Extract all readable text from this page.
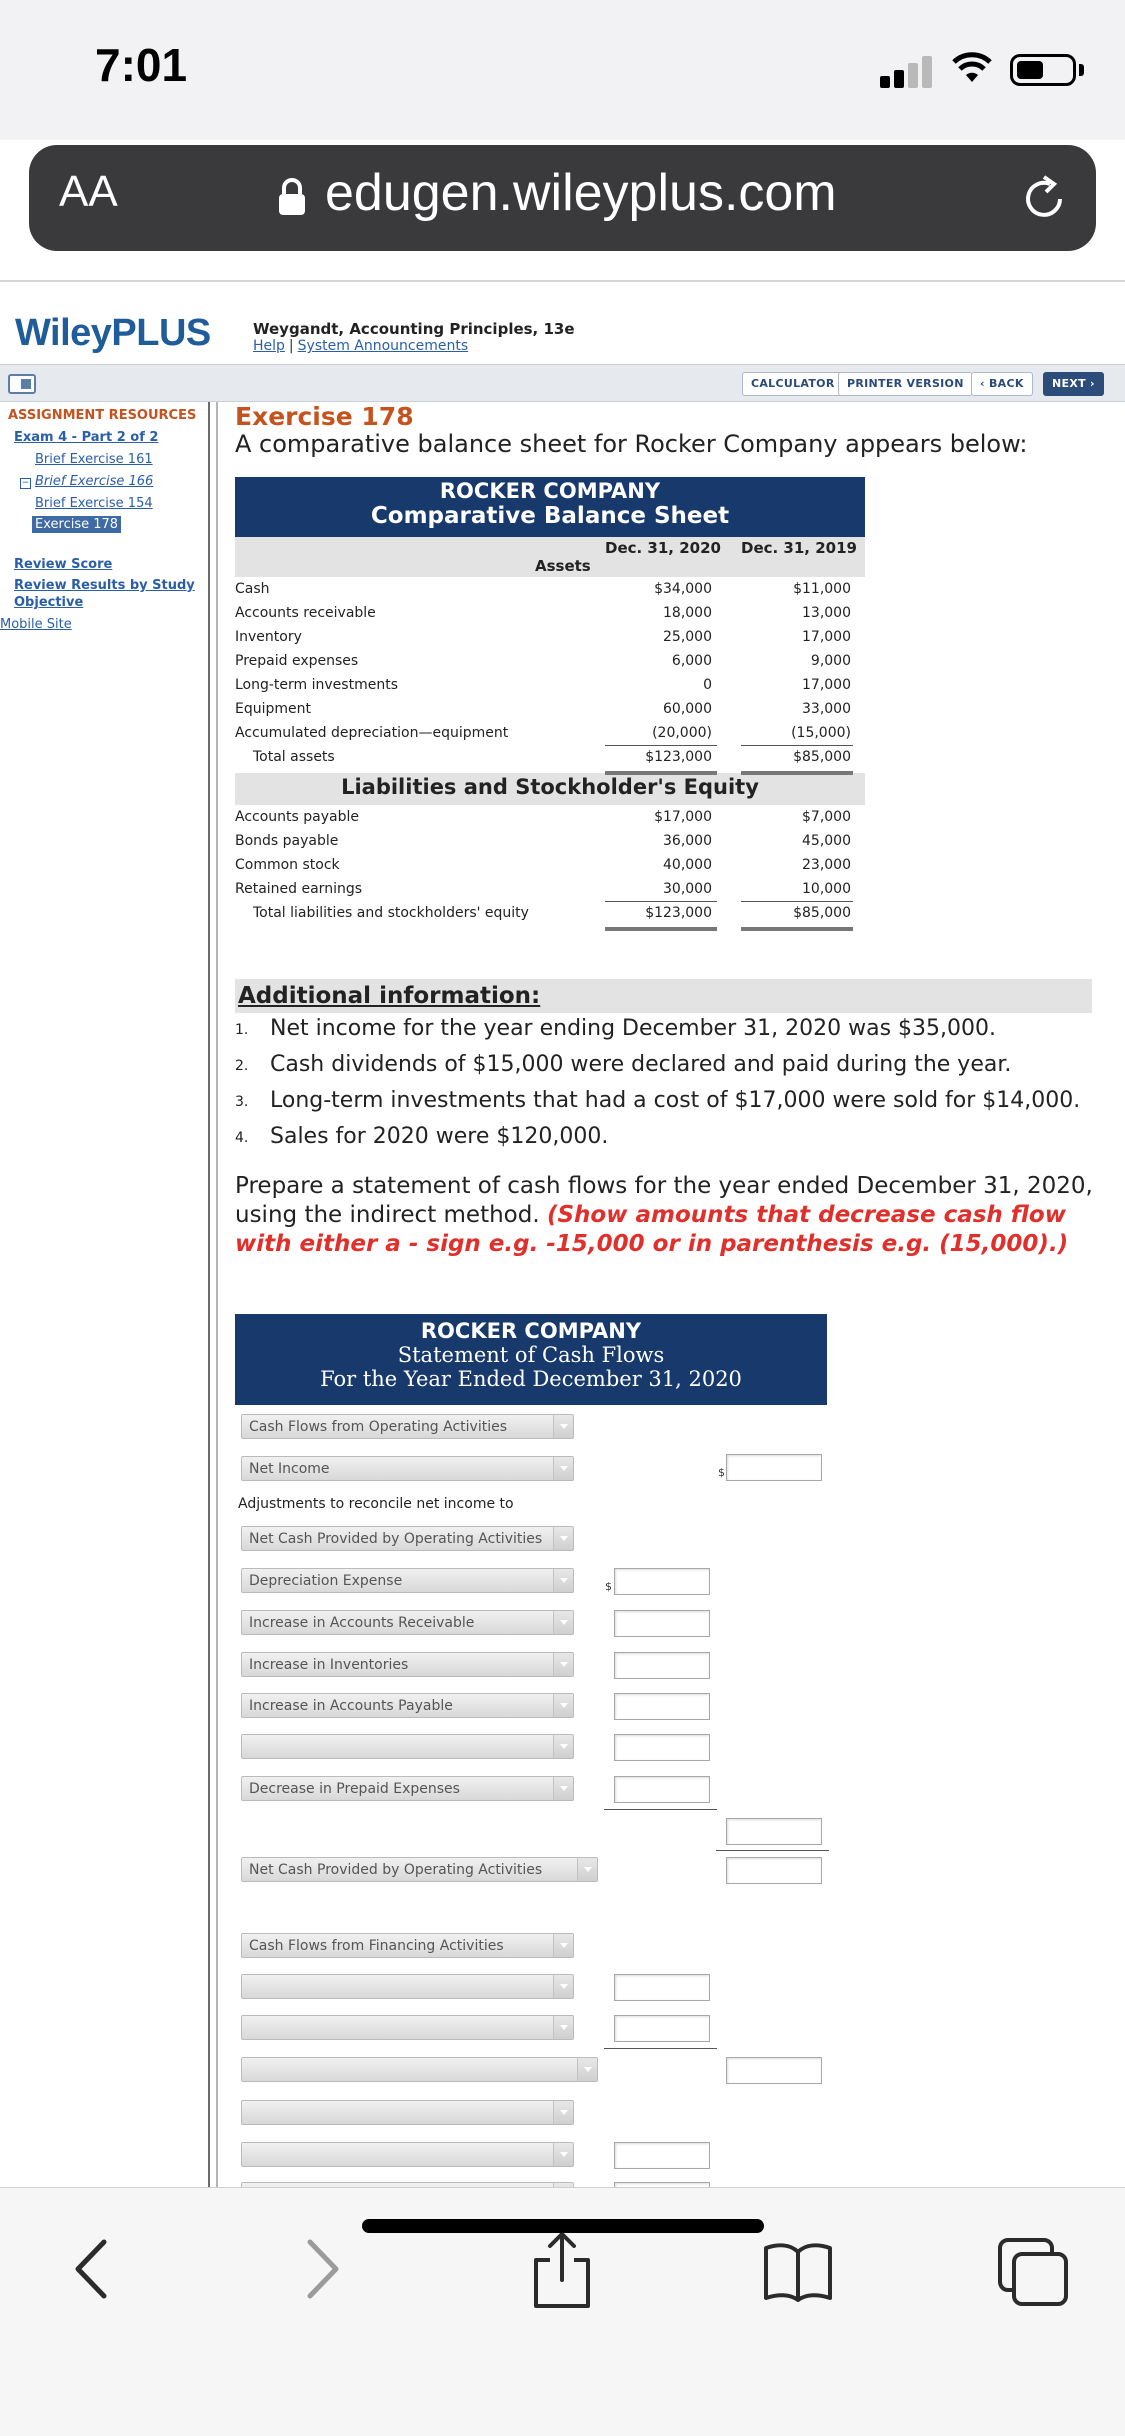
7:01
AA	edugen.wileyplus.com
WileyPLUS	Weygandt, Accounting Principles, 13e
Help | System Announcements
CALCULATOR	PRINTER VERSION	‹ BACK	NEXT ›
ASSIGNMENT RESOURCES
Exam 4 - Part 2 of 2
Brief Exercise 161
− Brief Exercise 166
Brief Exercise 154
Exercise 178
Review Score
Review Results by Study
Objective
Mobile Site
Exercise 178
A comparative balance sheet for Rocker Company appears below:
ROCKER COMPANY
Comparative Balance Sheet
Dec. 31, 2020 Dec. 31, 2019
Assets
Cash	$34,000	$11,000
Accounts receivable	18,000	13,000
Inventory	25,000	17,000
Prepaid expenses	6,000	9,000
Long-term investments	0	17,000
Equipment	60,000	33,000
Accumulated depreciation—equipment	(20,000)	(15,000)
Total assets	$123,000	$85,000
Liabilities and Stockholder's Equity
Accounts payable	$17,000	$7,000
Bonds payable	36,000	45,000
Common stock	40,000	23,000
Retained earnings	30,000	10,000
Total liabilities and stockholders' equity	$123,000	$85,000
Additional information:
1. Net income for the year ending December 31, 2020 was $35,000.
2. Cash dividends of $15,000 were declared and paid during the year.
3. Long-term investments that had a cost of $17,000 were sold for $14,000.
4. Sales for 2020 were $120,000.
Prepare a statement of cash flows for the year ended December 31, 2020, using the indirect method. (Show amounts that decrease cash flow with either a - sign e.g. -15,000 or in parenthesis e.g. (15,000).)
ROCKER COMPANY
Statement of Cash Flows
For the Year Ended December 31, 2020
Cash Flows from Operating Activities
Net Income	$
Adjustments to reconcile net income to
Net Cash Provided by Operating Activities
Depreciation Expense	$
Increase in Accounts Receivable
Increase in Inventories
Increase in Accounts Payable
Decrease in Prepaid Expenses
Net Cash Provided by Operating Activities
Cash Flows from Financing Activities
